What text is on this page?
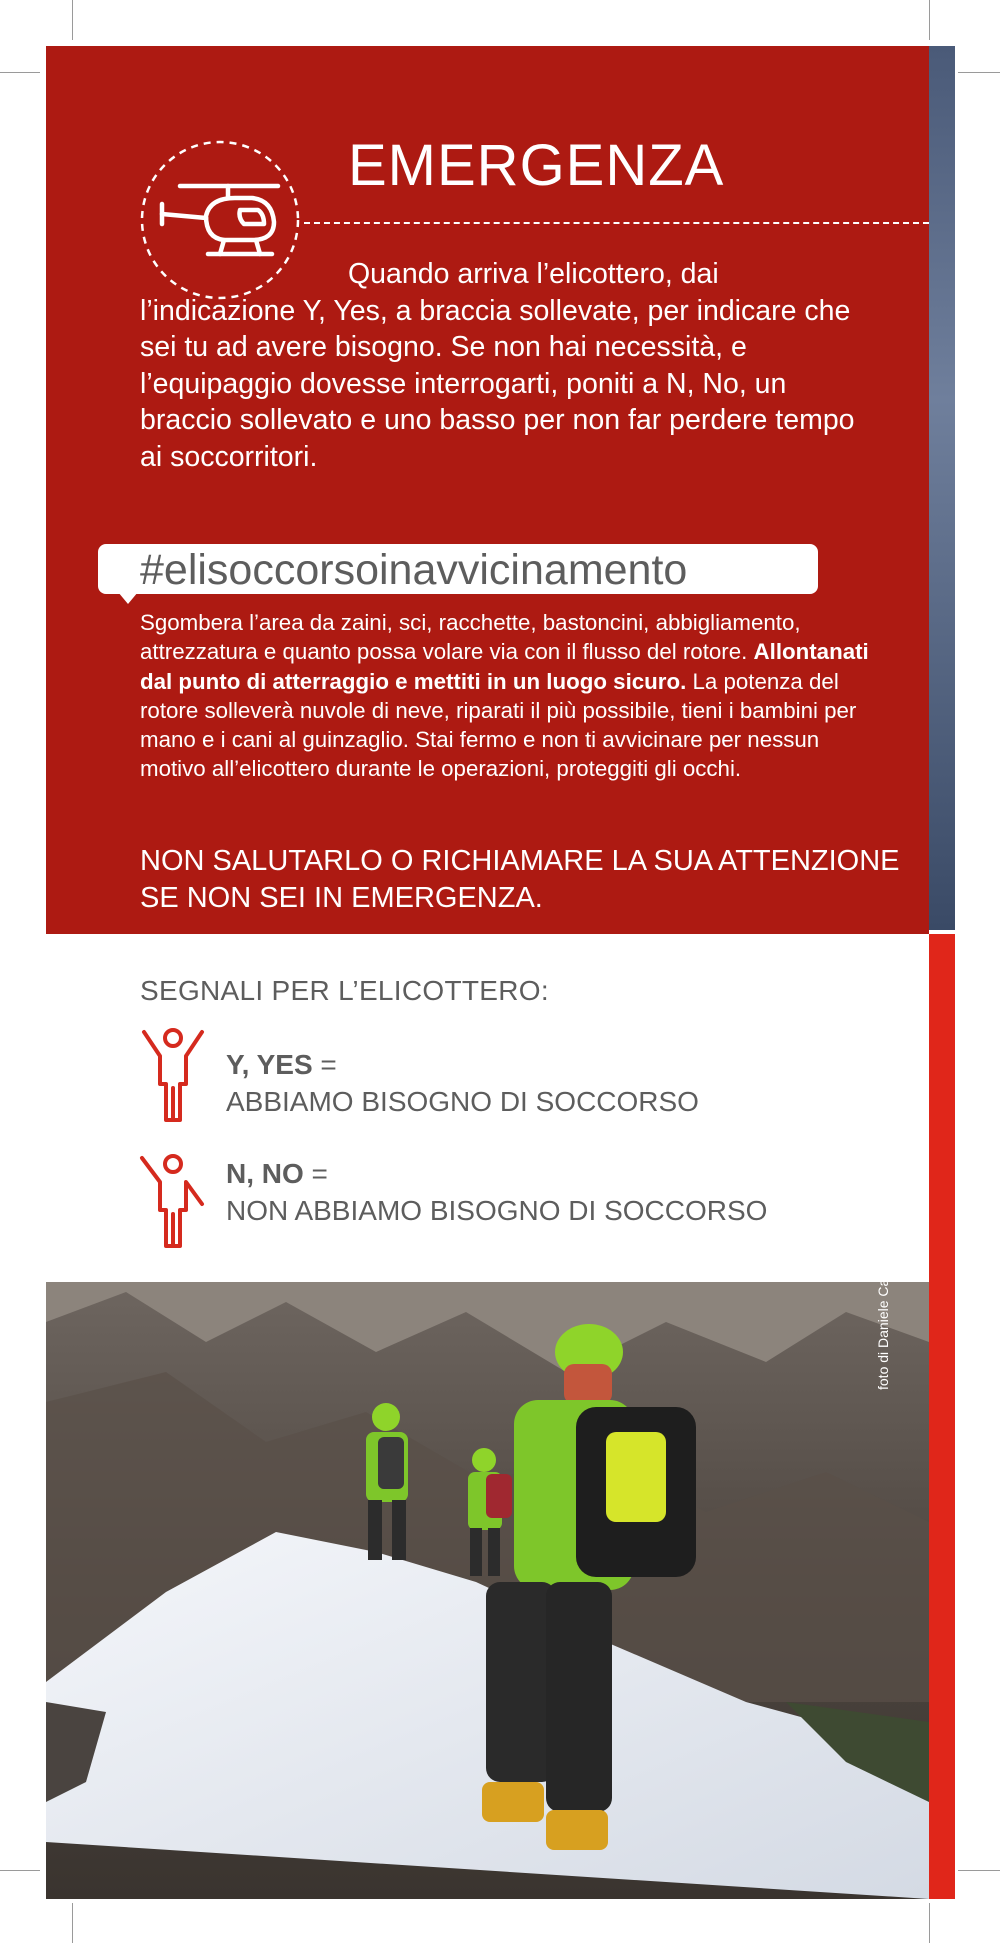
EMERGENZA

Quando arriva l’elicottero, dai l’indicazione Y, Yes, a braccia sollevate, per indicare che sei tu ad avere bisogno. Se non hai necessità, e l’equipaggio dovesse interrogarti, poniti a N, No, un braccio sollevato e uno basso per non far perdere tempo ai soccorritori.

#elisoccorsoinavvicinamento

Sgombera l’area da zaini, sci, racchette, bastoncini, abbigliamento, attrezzatura e quanto possa volare via con il flusso del rotore. Allontanati dal punto di atterraggio e mettiti in un luogo sicuro. La potenza del rotore solleverà nuvole di neve, riparati il più possibile, tieni i bambini per mano e i cani al guinzaglio. Stai fermo e non ti avvicinare per nessun motivo all’elicottero durante le operazioni, proteggiti gli occhi.

NON SALUTARLO O RICHIAMARE LA SUA ATTENZIONE SE NON SEI IN EMERGENZA.

SEGNALI PER L’ELICOTTERO:

Y, YES =
ABBIAMO BISOGNO DI SOCCORSO

N, NO =
NON ABBIAMO BISOGNO DI SOCCORSO

foto di Daniele Casarotto
